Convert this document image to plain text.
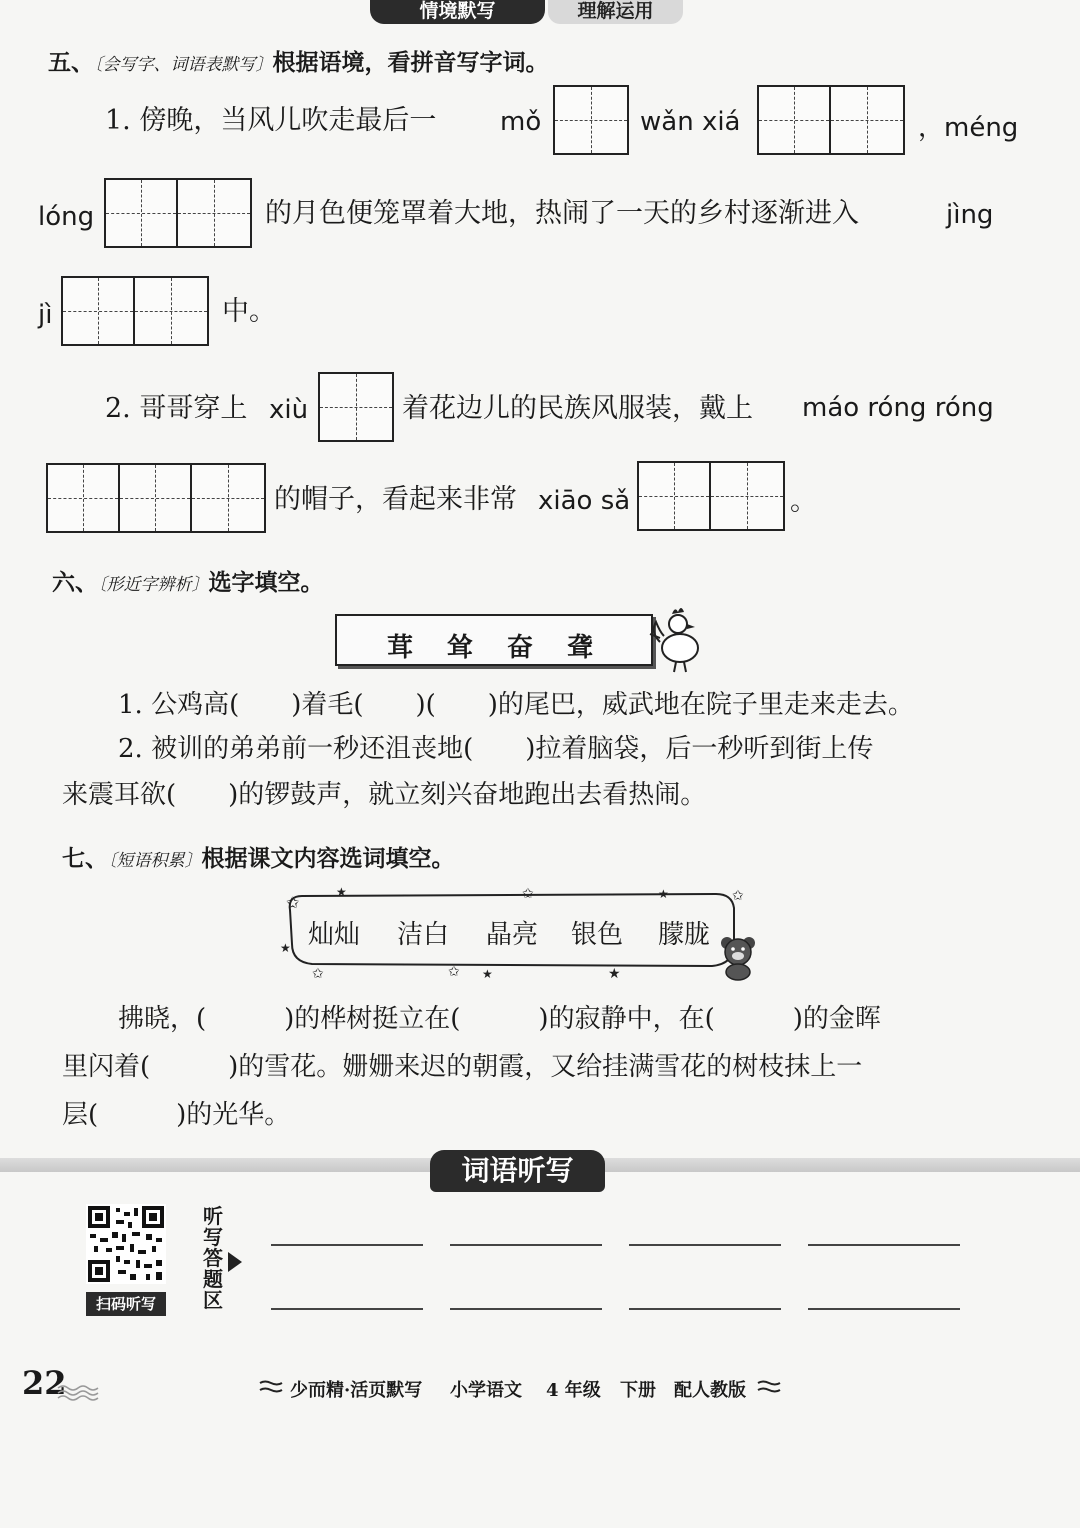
情境默写	理解运用
五、〔会写字、词语表默写〕根据语境，看拼音写字词。
1. 傍晚，当风儿吹走最后一 mǒ	wǎn xiá	，méng
lóng	的月色便笼罩着大地，热闹了一天的乡村逐渐进入	jìng
jì	中。
2. 哥哥穿上 xiù	着花边儿的民族风服装，戴上 máo róng róng
的帽子，看起来非常 xiāo sǎ	。
六、〔形近字辨析〕选字填空。
茸 耸 奋 聋
1. 公鸡高(　　)着毛(　　)(　　)的尾巴，威武地在院子里走来走去。
2. 被训的弟弟前一秒还沮丧地(　　)拉着脑袋，后一秒听到街上传
来震耳欲(　　)的锣鼓声，就立刻兴奋地跑出去看热闹。
七、〔短语积累〕根据课文内容选词填空。
✩
★	✩	★	✩
✩	✩ ★	★
★ 灿灿 洁白 晶亮 银色 朦胧
拂晓，(　　　)的桦树挺立在(　　　)的寂静中，在(　　　)的金晖
里闪着(　　　)的雪花。姗姗来迟的朝霞，又给挂满雪花的树枝抹上一
层(　　　)的光华。
词语听写
扫码听写
听写答题区
22	少而精·活页默写 小学语文 4 年级 下册 配人教版
